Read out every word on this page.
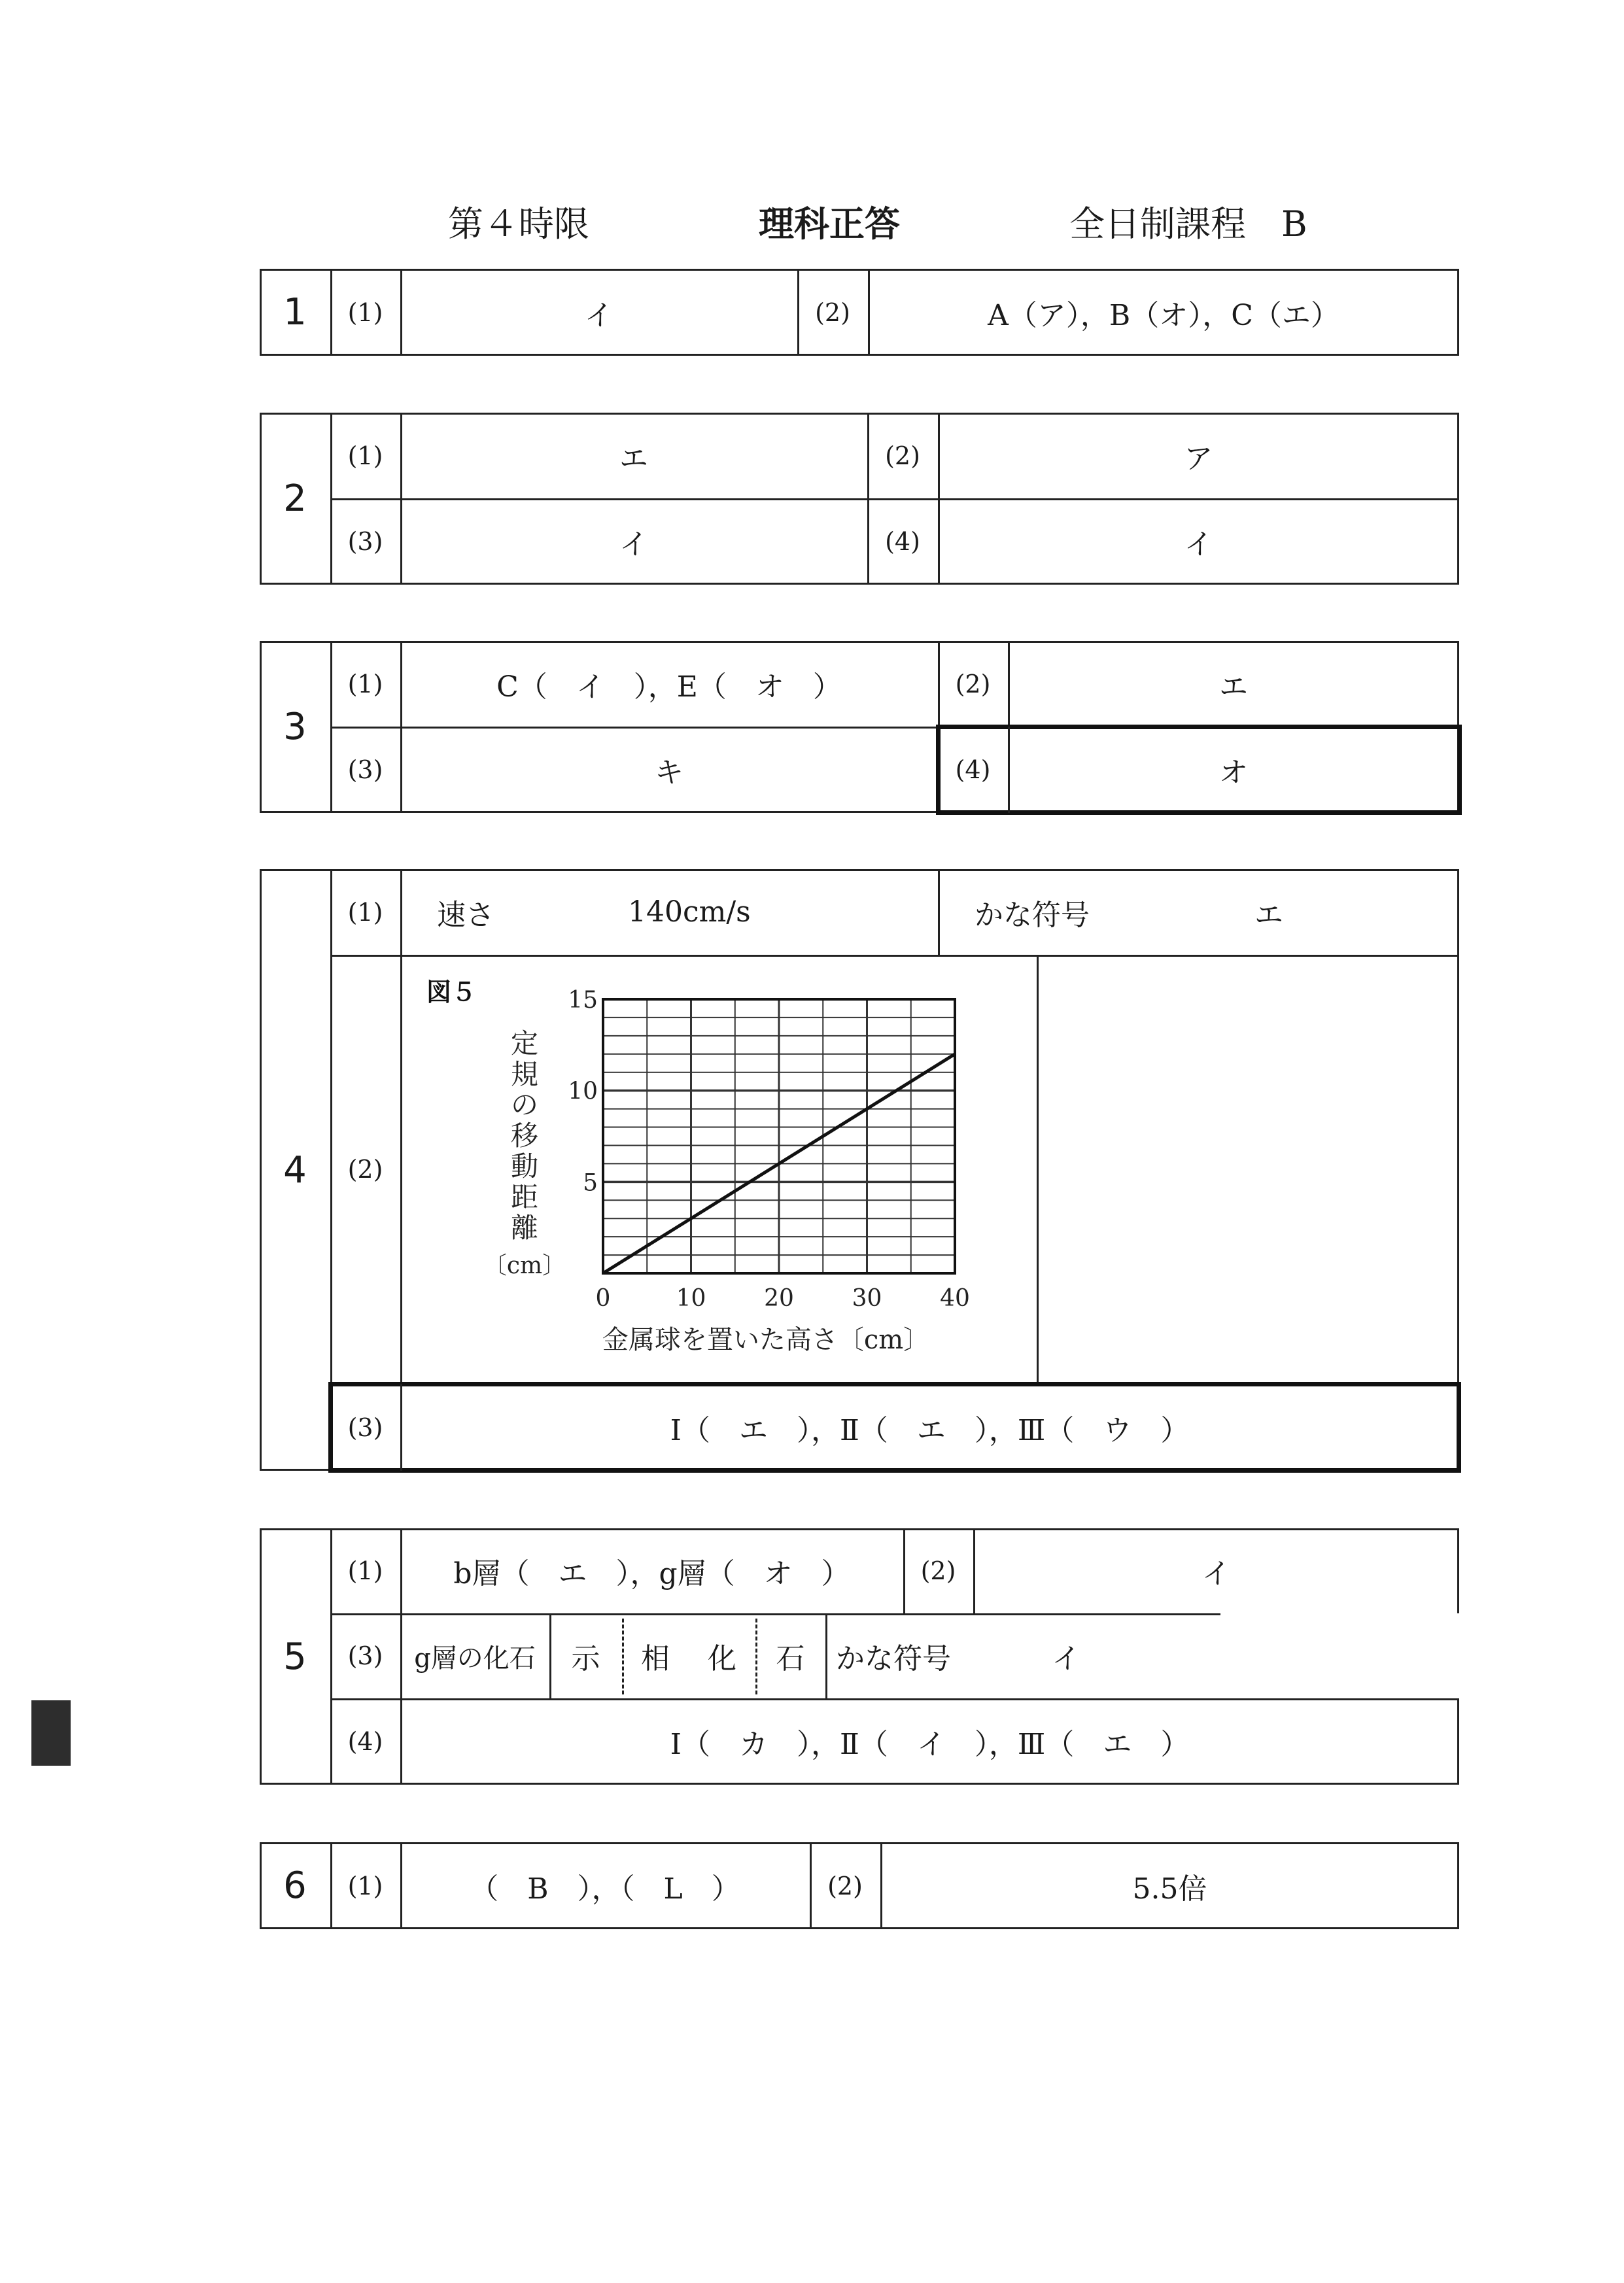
第４時限	理科正答	全日制課程　B
1	(1)	イ	(2)	A（ア），B（オ），C（エ）
2
(1)	エ	(2)	ア
(3)	イ	(4)	イ
3
(1)	C（　イ　），E（　オ　）	(2)	エ
(3)	キ	(4)	オ
4
(1)	速さ	140cm/s	かな符号	エ
(2)
0	10 20 30 40
5
10
15
図５
金属球を置いた高さ〔cm〕
定
規
の
移
動
距
離
〔cm〕
(3)	Ⅰ（　エ　），Ⅱ（　エ　），Ⅲ（　ウ　）
5
(1)	b層（　エ　），g層（　オ　）	(2)	イ
(3)	g層の化石	示	相	化	石	かな符号	イ
(4)	Ⅰ（　カ　），Ⅱ（　イ　），Ⅲ（　エ　）
6	(1)	（　B　），（　L　）	(2)	5.5倍
